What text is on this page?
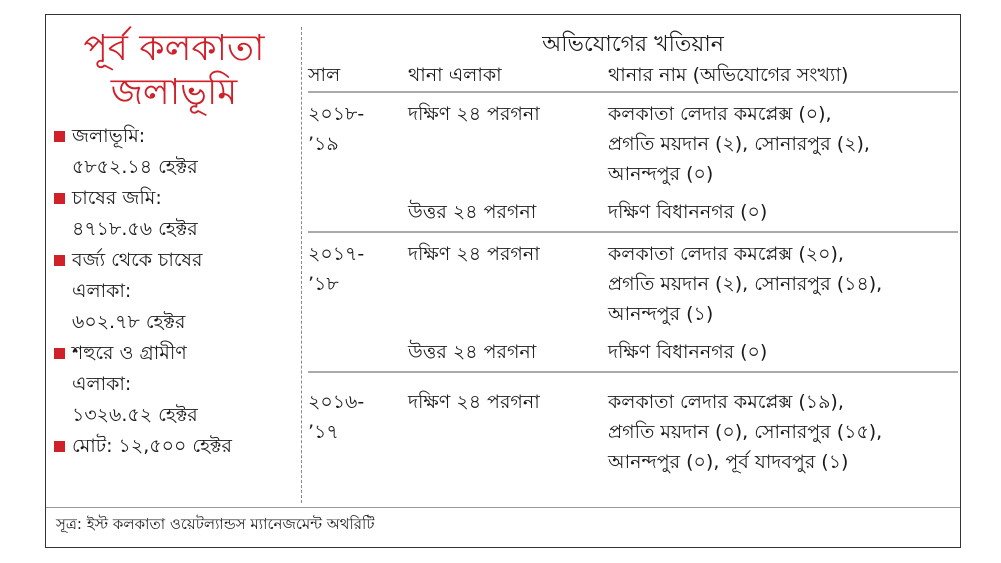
পূর্ব কলকাতা
জলাভূমি
জলাভূমি:
৫৮৫২.১৪ হেক্টর
চাষের জমি:
৪৭১৮.৫৬ হেক্টর
বর্জ্য থেকে চাষের
এলাকা:
৬০২.৭৮ হেক্টর
শহুরে ও গ্রামীণ
এলাকা:
১৩২৬.৫২ হেক্টর
মোট: ১২,৫০০ হেক্টর
অভিযোগের খতিয়ান
সাল	থানা এলাকা	থানার নাম (অভিযোগের সংখ্যা)
২০১৮-
’১৯
দক্ষিণ ২৪ পরগনা	কলকাতা লেদার কমপ্লেক্স (০),
প্রগতি ময়দান (২), সোনারপুর (২),
আনন্দপুর (০)
উত্তর ২৪ পরগনা	দক্ষিণ বিধাননগর (০)
২০১৭-
’১৮
দক্ষিণ ২৪ পরগনা	কলকাতা লেদার কমপ্লেক্স (২০),
প্রগতি ময়দান (২), সোনারপুর (১৪),
আনন্দপুর (১)
উত্তর ২৪ পরগনা	দক্ষিণ বিধাননগর (০)
২০১৬-
’১৭
দক্ষিণ ২৪ পরগনা	কলকাতা লেদার কমপ্লেক্স (১৯),
প্রগতি ময়দান (০), সোনারপুর (১৫),
আনন্দপুর (০), পূর্ব যাদবপুর (১)
সূত্র: ইস্ট কলকাতা ওয়েটল্যান্ডস ম্যানেজমেন্ট অথরিটি
